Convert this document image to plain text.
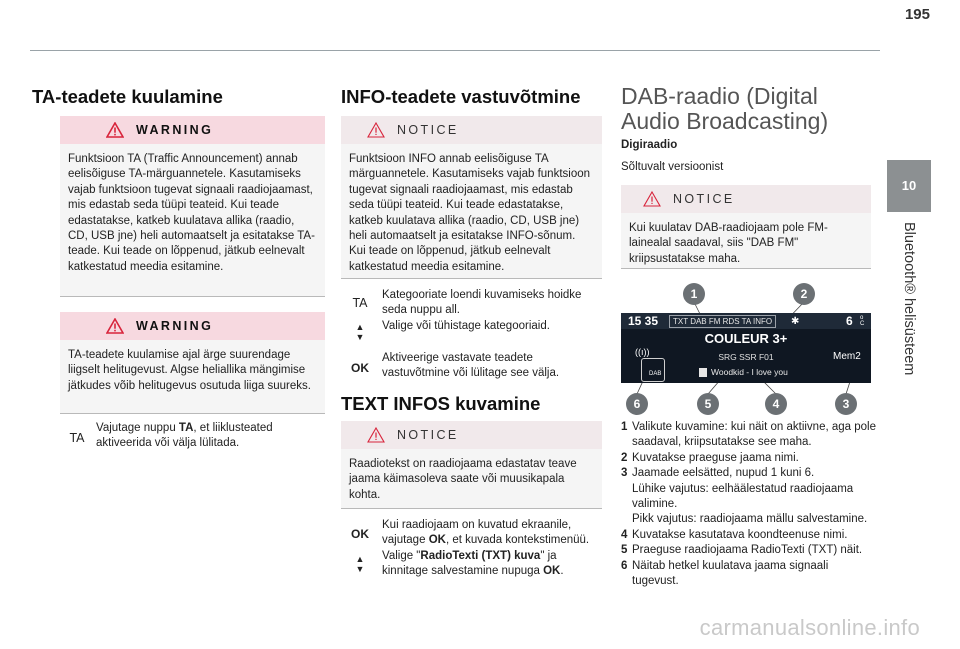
195
10
Bluetooth® helisüsteem
TA-teadete kuulamine
WARNING
Funktsioon TA (Traffic Announcement) annab eelisõiguse TA-märguannetele. Kasutamiseks vajab funktsioon tugevat signaali raadiojaamast, mis edastab seda tüüpi teateid. Kui teade edastatakse, katkeb kuulatava allika (raadio, CD, USB jne) heli automaatselt ja esitatakse TA-teade. Kui teade on lõppenud, jätkub eelnevalt katkestatud meedia esitamine.
WARNING
TA-teadete kuulamise ajal ärge suurendage liigselt helitugevust. Algse heliallika mängimise jätkudes võib helitugevus osutuda liiga suureks.
TA
Vajutage nuppu TA, et liiklusteated aktiveerida või välja lülitada.
INFO-teadete vastuvõtmine
NOTICE
Funktsioon INFO annab eelisõiguse TA märguannetele. Kasutamiseks vajab funktsioon tugevat signaali raadiojaamast, mis edastab seda tüüpi teateid. Kui teade edastatakse, katkeb kuulatava allika (raadio, CD, USB jne) heli automaatselt ja esitatakse INFO-sõnum. Kui teade on lõppenud, jätkub eelnevalt katkestatud meedia esitamine.
TA
Kategooriate loendi kuvamiseks hoidke seda nuppu all.
▲
▼
Valige või tühistage kategooriaid.
OK
Aktiveerige vastavate teadete vastuvõtmine või lülitage see välja.
TEXT INFOS kuvamine
NOTICE
Raadiotekst on raadiojaama edastatav teave jaama käimasoleva saate või muusikapala kohta.
OK
Kui raadiojaam on kuvatud ekraanile, vajutage OK, et kuvada kontekstimenüü.
▲
▼
Valige "RadioTexti (TXT) kuva" ja kinnitage salvestamine nupuga OK.
DAB-raadio (Digital Audio Broadcasting)
Digiraadio
Sõltuvalt versioonist
NOTICE
Kui kuulatav DAB-raadiojaam pole FM-lainealal saadaval, siis "DAB FM" kriipsustatakse maha.
1	2
6	5	4	3
15 35	TXT DAB FM RDS TA INFO	✱	6 o
C
COULEUR 3+
((ı))
DAB
SRG SSR F01	Mem2
Woodkid - I love you
1 Valikute kuvamine: kui näit on aktiivne, aga pole saadaval, kriipsutatakse see maha.
2 Kuvatakse praeguse jaama nimi.
3 Jaamade eelsätted, nupud 1 kuni 6.
Lühike vajutus: eelhäälestatud raadiojaama valimine.
Pikk vajutus: raadiojaama mällu salvestamine.
4 Kuvatakse kasutatava koondteenuse nimi.
5 Praeguse raadiojaama RadioTexti (TXT) näit.
6 Näitab hetkel kuulatava jaama signaali tugevust.
carmanualsonline.info
